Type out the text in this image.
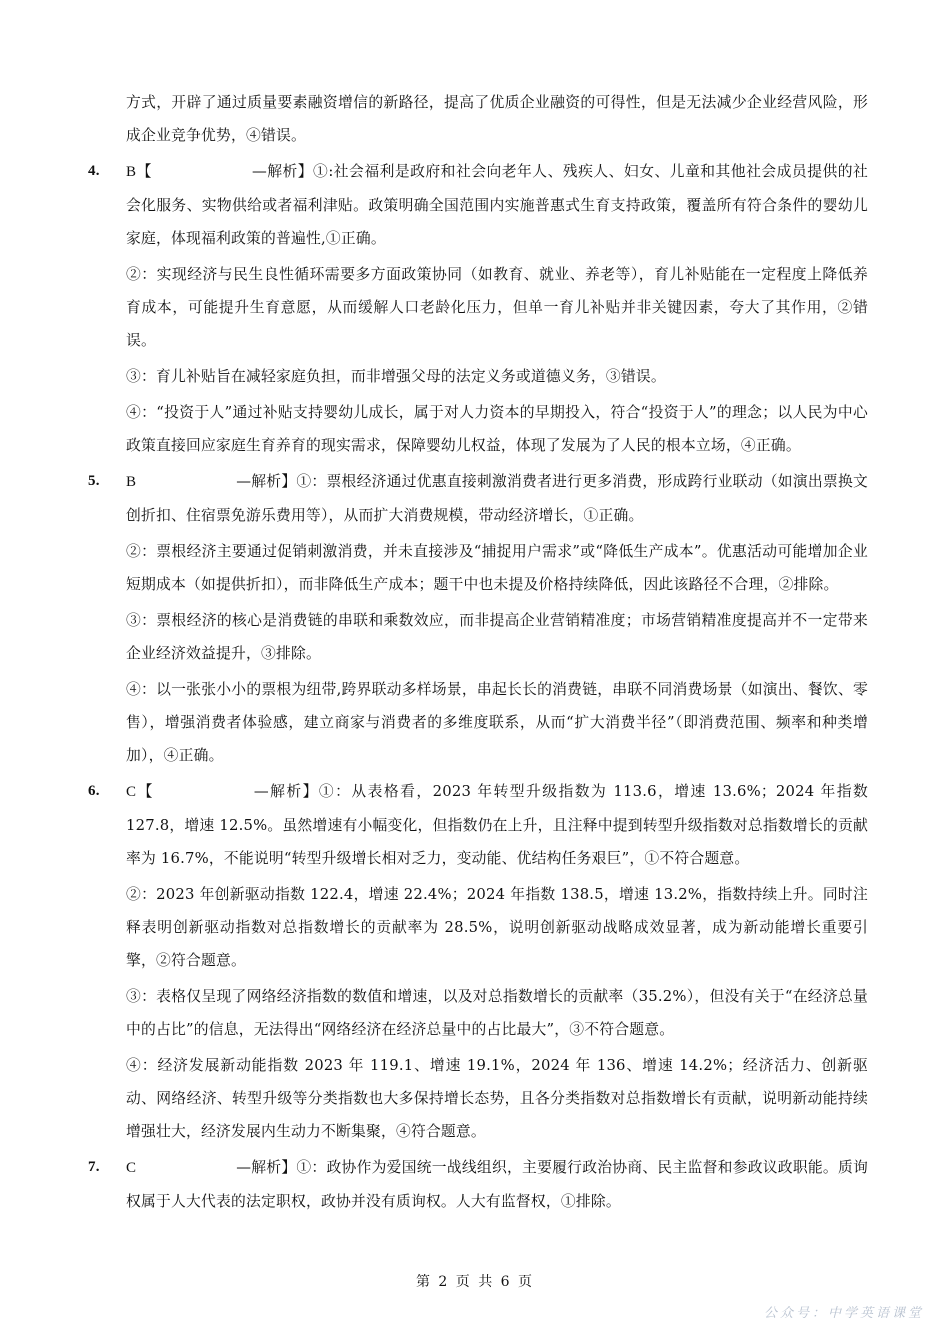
方式，开辟了通过质量要素融资增信的新路径，提高了优质企业融资的可得性，但是无法减少企业经营风险，形成企业竞争优势，④错误。

4. B【	—解析】①:社会福利是政府和社会向老年人、残疾人、妇女、儿童和其他社会成员提供的社会化服务、实物供给或者福利津贴。政策明确全国范围内实施普惠式生育支持政策，覆盖所有符合条件的婴幼儿家庭，体现福利政策的普遍性,①正确。

②：实现经济与民生良性循环需要多方面政策协同（如教育、就业、养老等），育儿补贴能在一定程度上降低养育成本，可能提升生育意愿，从而缓解人口老龄化压力，但单一育儿补贴并非关键因素，夸大了其作用，②错误。

③：育儿补贴旨在减轻家庭负担，而非增强父母的法定义务或道德义务，③错误。

④：“投资于人”通过补贴支持婴幼儿成长，属于对人力资本的早期投入，符合“投资于人”的理念；以人民为中心政策直接回应家庭生育养育的现实需求，保障婴幼儿权益，体现了发展为了人民的根本立场，④正确。

5. B	—解析】①：票根经济通过优惠直接刺激消费者进行更多消费，形成跨行业联动（如演出票换文创折扣、住宿票免游乐费用等），从而扩大消费规模，带动经济增长，①正确。

②：票根经济主要通过促销刺激消费，并未直接涉及“捕捉用户需求”或“降低生产成本”。优惠活动可能增加企业短期成本（如提供折扣），而非降低生产成本；题干中也未提及价格持续降低，因此该路径不合理，②排除。

③：票根经济的核心是消费链的串联和乘数效应，而非提高企业营销精准度；市场营销精准度提高并不一定带来企业经济效益提升，③排除。

④：以一张张小小的票根为纽带,跨界联动多样场景，串起长长的消费链，串联不同消费场景（如演出、餐饮、零售），增强消费者体验感，建立商家与消费者的多维度联系，从而“扩大消费半径”（即消费范围、频率和种类增加），④正确。

6. C【	—解析】①：从表格看，2023 年转型升级指数为 113.6，增速 13.6%；2024 年指数 127.8，增速 12.5%。虽然增速有小幅变化，但指数仍在上升，且注释中提到转型升级指数对总指数增长的贡献率为 16.7%，不能说明“转型升级增长相对乏力，变动能、优结构任务艰巨”，①不符合题意。

②：2023 年创新驱动指数 122.4，增速 22.4%；2024 年指数 138.5，增速 13.2%，指数持续上升。同时注释表明创新驱动指数对总指数增长的贡献率为 28.5%，说明创新驱动战略成效显著，成为新动能增长重要引擎，②符合题意。

③：表格仅呈现了网络经济指数的数值和增速，以及对总指数增长的贡献率（35.2%），但没有关于“在经济总量中的占比”的信息，无法得出“网络经济在经济总量中的占比最大”，③不符合题意。

④：经济发展新动能指数 2023 年 119.1、增速 19.1%，2024 年 136、增速 14.2%；经济活力、创新驱动、网络经济、转型升级等分类指数也大多保持增长态势，且各分类指数对总指数增长有贡献，说明新动能持续增强壮大，经济发展内生动力不断集聚，④符合题意。

7. C	—解析】①：政协作为爱国统一战线组织，主要履行政治协商、民主监督和参政议政职能。质询权属于人大代表的法定职权，政协并没有质询权。人大有监督权，①排除。

第 2 页 共 6 页
公众号：中学英语课堂
